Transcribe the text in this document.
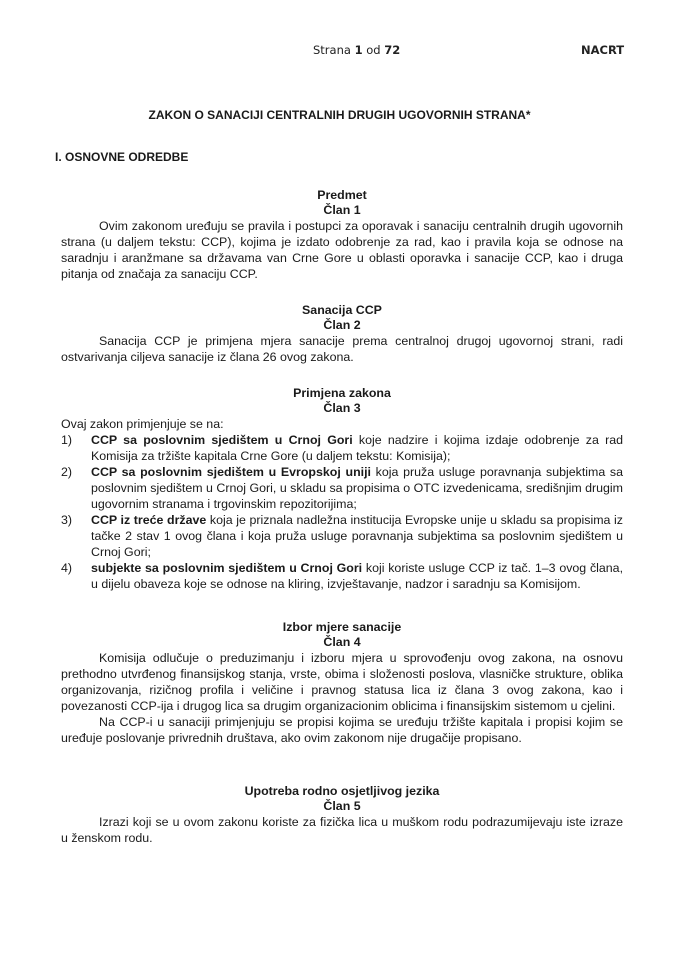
Strana 1 od 72	NACRT
ZAKON O SANACIJI CENTRALNIH DRUGIH UGOVORNIH STRANA*
I. OSNOVNE ODREDBE
Predmet
Član 1

Ovim zakonom uređuju se pravila i postupci za oporavak i sanaciju centralnih drugih ugovornih strana (u daljem tekstu: CCP), kojima je izdato odobrenje za rad, kao i pravila koja se odnose na saradnju i aranžmane sa državama van Crne Gore u oblasti oporavka i sanacije CCP, kao i druga pitanja od značaja za sanaciju CCP.

Sanacija CCP
Član 2

Sanacija CCP je primjena mjera sanacije prema centralnoj drugoj ugovornoj strani, radi ostvarivanja ciljeva sanacije iz člana 26 ovog zakona.

Primjena zakona
Član 3

Ovaj zakon primjenjuje se na:

1) CCP sa poslovnim sjedištem u Crnoj Gori koje nadzire i kojima izdaje odobrenje za rad Komisija za tržište kapitala Crne Gore (u daljem tekstu: Komisija);
2) CCP sa poslovnim sjedištem u Evropskoj uniji koja pruža usluge poravnanja subjektima sa poslovnim sjedištem u Crnoj Gori, u skladu sa propisima o OTC izvedenicama, središnjim drugim ugovornim stranama i trgovinskim repozitorijima;
3) CCP iz treće države koja je priznala nadležna institucija Evropske unije u skladu sa propisima iz tačke 2 stav 1 ovog člana i koja pruža usluge poravnanja subjektima sa poslovnim sjedištem u Crnoj Gori;
4) subjekte sa poslovnim sjedištem u Crnoj Gori koji koriste usluge CCP iz tač. 1–3 ovog člana, u dijelu obaveza koje se odnose na kliring, izvještavanje, nadzor i saradnju sa Komisijom.
Izbor mjere sanacije
Član 4

Komisija odlučuje o preduzimanju i izboru mjera u sprovođenju ovog zakona, na osnovu prethodno utvrđenog finansijskog stanja, vrste, obima i složenosti poslova, vlasničke strukture, oblika organizovanja, rizičnog profila i veličine i pravnog statusa lica iz člana 3 ovog zakona, kao i povezanosti CCP-ija i drugog lica sa drugim organizacionim oblicima i finansijskim sistemom u cjelini.

Na CCP-i u sanaciji primjenjuju se propisi kojima se uređuju tržište kapitala i propisi kojim se uređuje poslovanje privrednih društava, ako ovim zakonom nije drugačije propisano.

Upotreba rodno osjetljivog jezika
Član 5

Izrazi koji se u ovom zakonu koriste za fizička lica u muškom rodu podrazumijevaju iste izraze u ženskom rodu.
